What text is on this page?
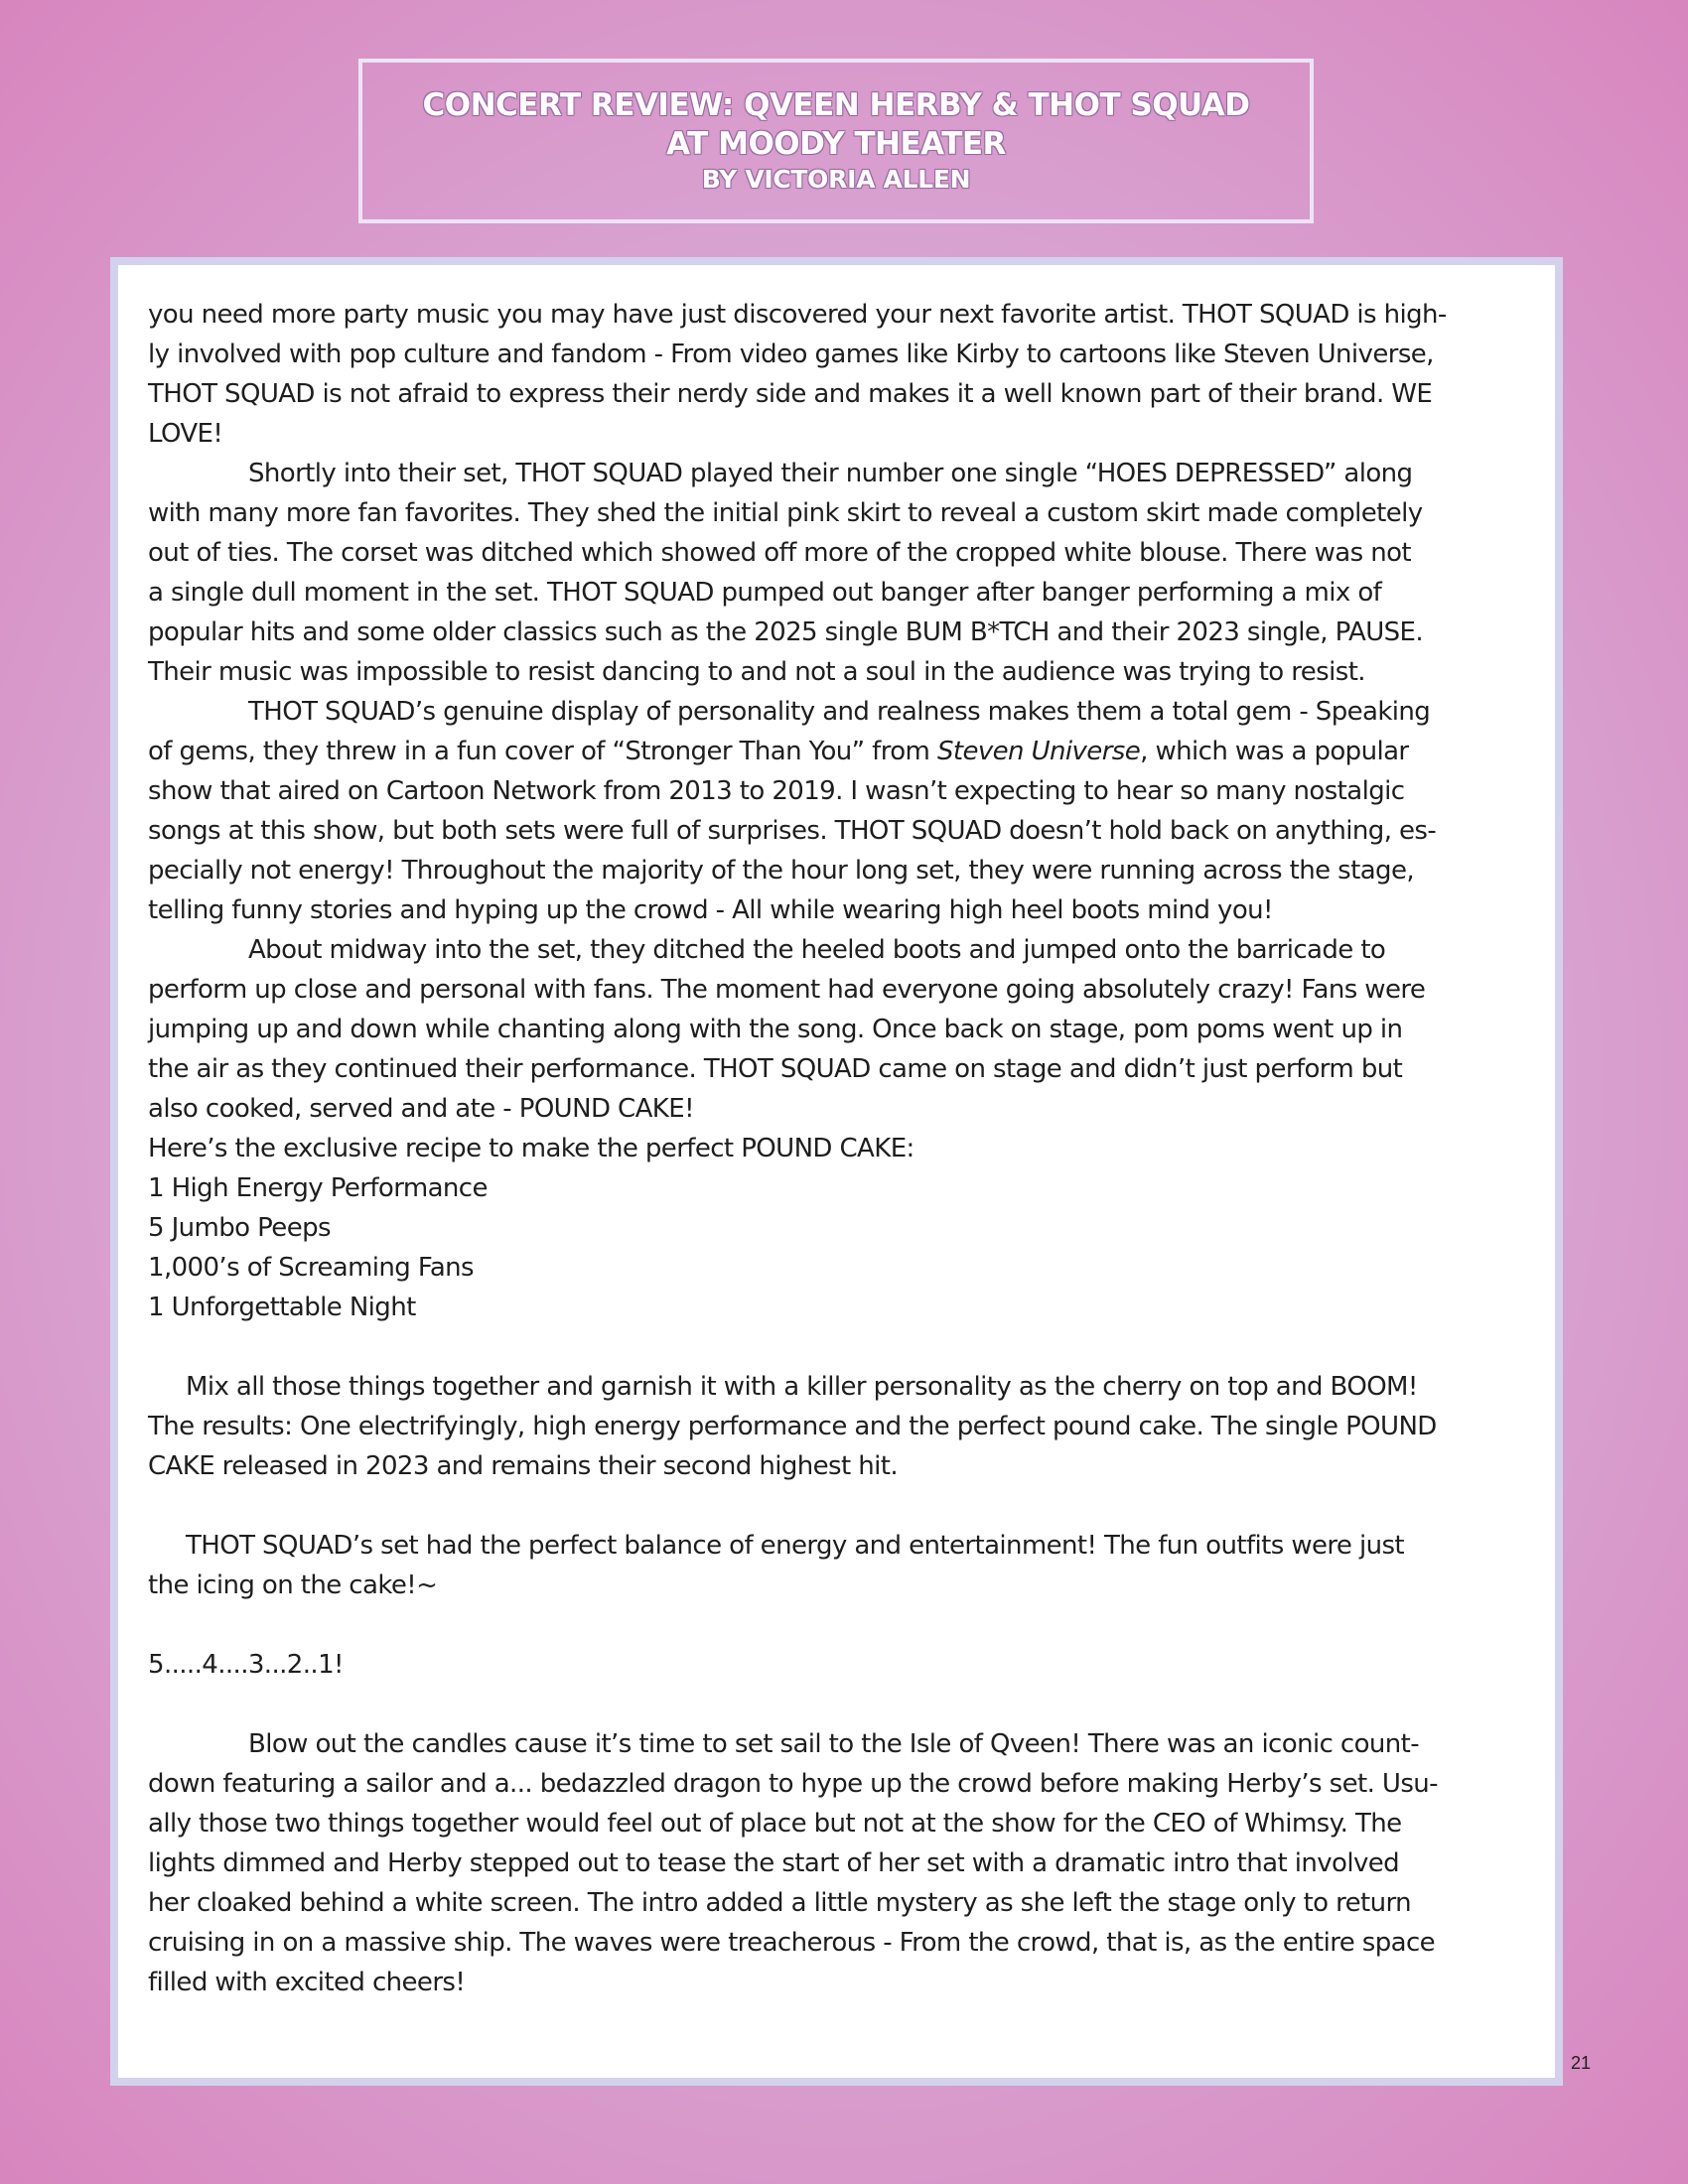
CONCERT REVIEW: QVEEN HERBY & THOT SQUAD
AT MOODY THEATER
BY VICTORIA ALLEN
you need more party music you may have just discovered your next favorite artist. THOT SQUAD is high-
ly involved with pop culture and fandom - From video games like Kirby to cartoons like Steven Universe,
THOT SQUAD is not afraid to express their nerdy side and makes it a well known part of their brand. WE
LOVE!
Shortly into their set, THOT SQUAD played their number one single “HOES DEPRESSED” along
with many more fan favorites. They shed the initial pink skirt to reveal a custom skirt made completely
out of ties. The corset was ditched which showed off more of the cropped white blouse. There was not
a single dull moment in the set. THOT SQUAD pumped out banger after banger performing a mix of
popular hits and some older classics such as the 2025 single BUM B*TCH and their 2023 single, PAUSE.
Their music was impossible to resist dancing to and not a soul in the audience was trying to resist.
THOT SQUAD’s genuine display of personality and realness makes them a total gem - Speaking
of gems, they threw in a fun cover of “Stronger Than You” from Steven Universe, which was a popular
show that aired on Cartoon Network from 2013 to 2019. I wasn’t expecting to hear so many nostalgic
songs at this show, but both sets were full of surprises. THOT SQUAD doesn’t hold back on anything, es-
pecially not energy! Throughout the majority of the hour long set, they were running across the stage,
telling funny stories and hyping up the crowd - All while wearing high heel boots mind you!
About midway into the set, they ditched the heeled boots and jumped onto the barricade to
perform up close and personal with fans. The moment had everyone going absolutely crazy! Fans were
jumping up and down while chanting along with the song. Once back on stage, pom poms went up in
the air as they continued their performance. THOT SQUAD came on stage and didn’t just perform but
also cooked, served and ate - POUND CAKE!
Here’s the exclusive recipe to make the perfect POUND CAKE:
1 High Energy Performance
5 Jumbo Peeps
1,000’s of Screaming Fans
1 Unforgettable Night
Mix all those things together and garnish it with a killer personality as the cherry on top and BOOM!
The results: One electrifyingly, high energy performance and the perfect pound cake. The single POUND
CAKE released in 2023 and remains their second highest hit.
THOT SQUAD’s set had the perfect balance of energy and entertainment! The fun outfits were just
the icing on the cake!~
5.....4....3...2..1!
Blow out the candles cause it’s time to set sail to the Isle of Qveen! There was an iconic count-
down featuring a sailor and a... bedazzled dragon to hype up the crowd before making Herby’s set. Usu-
ally those two things together would feel out of place but not at the show for the CEO of Whimsy. The
lights dimmed and Herby stepped out to tease the start of her set with a dramatic intro that involved
her cloaked behind a white screen. The intro added a little mystery as she left the stage only to return
cruising in on a massive ship. The waves were treacherous - From the crowd, that is, as the entire space
filled with excited cheers!
21
